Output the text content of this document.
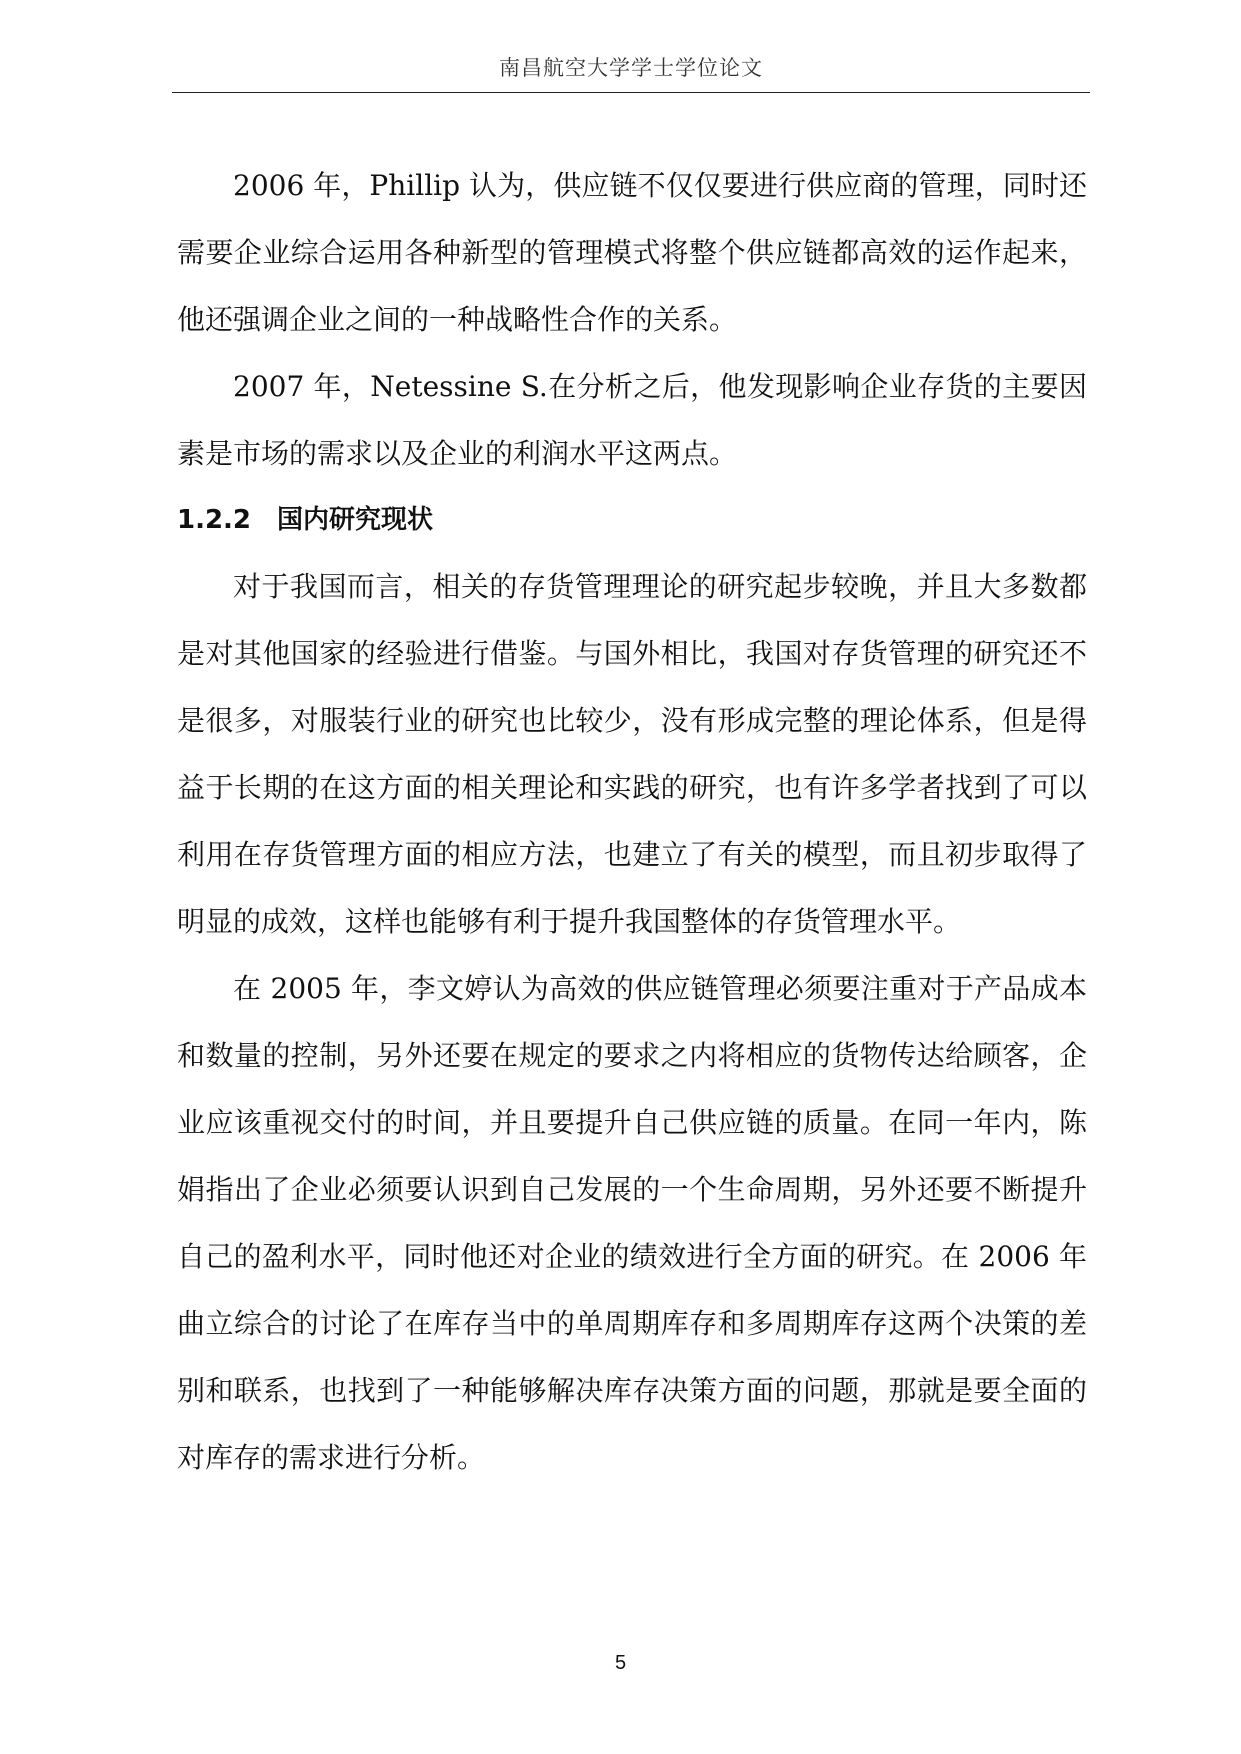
南昌航空大学学士学位论文

2006 年，Phillip 认为，供应链不仅仅要进行供应商的管理，同时还需要企业综合运用各种新型的管理模式将整个供应链都高效的运作起来，他还强调企业之间的一种战略性合作的关系。

2007 年，Netessine S.在分析之后，他发现影响企业存货的主要因素是市场的需求以及企业的利润水平这两点。

1.2.2 国内研究现状

对于我国而言，相关的存货管理理论的研究起步较晚，并且大多数都是对其他国家的经验进行借鉴。与国外相比，我国对存货管理的研究还不是很多，对服装行业的研究也比较少，没有形成完整的理论体系，但是得益于长期的在这方面的相关理论和实践的研究，也有许多学者找到了可以利用在存货管理方面的相应方法，也建立了有关的模型，而且初步取得了明显的成效，这样也能够有利于提升我国整体的存货管理水平。

在 2005 年，李文婷认为高效的供应链管理必须要注重对于产品成本和数量的控制，另外还要在规定的要求之内将相应的货物传达给顾客，企业应该重视交付的时间，并且要提升自己供应链的质量。在同一年内，陈娟指出了企业必须要认识到自己发展的一个生命周期，另外还要不断提升自己的盈利水平，同时他还对企业的绩效进行全方面的研究。在 2006 年曲立综合的讨论了在库存当中的单周期库存和多周期库存这两个决策的差别和联系，也找到了一种能够解决库存决策方面的问题，那就是要全面的对库存的需求进行分析。

5
